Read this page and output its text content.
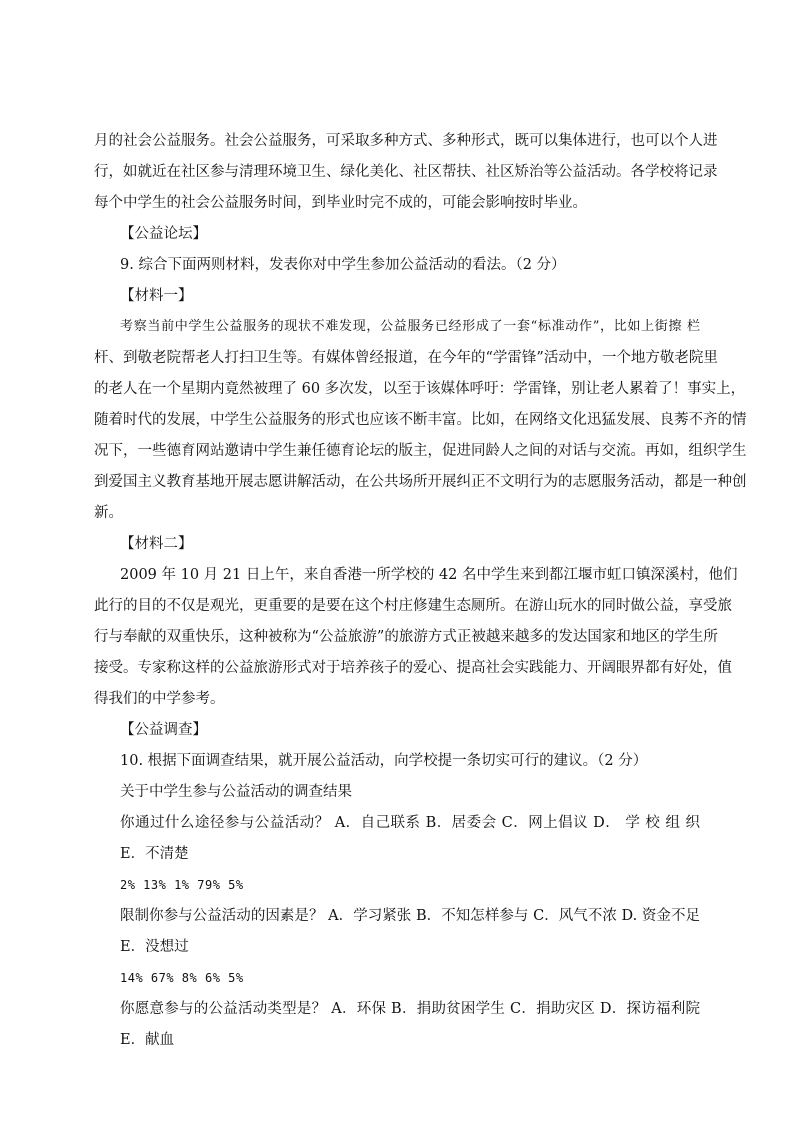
月的社会公益服务。社会公益服务，可采取多种方式、多种形式，既可以集体进行，也可以个人进
行，如就近在社区参与清理环境卫生、绿化美化、社区帮扶、社区矫治等公益活动。各学校将记录
每个中学生的社会公益服务时间，到毕业时完不成的，可能会影响按时毕业。
【公益论坛】
9. 综合下面两则材料，发表你对中学生参加公益活动的看法。（2 分）
【材料一】
考察当前中学生公益服务的现状不难发现，公益服务已经形成了一套“标准动作”，比如上街擦 栏
杆、到敬老院帮老人打扫卫生等。有媒体曾经报道，在今年的“学雷锋”活动中，一个地方敬老院里
的老人在一个星期内竟然被理了 60 多次发，以至于该媒体呼吁：学雷锋，别让老人累着了！事实上，
随着时代的发展，中学生公益服务的形式也应该不断丰富。比如，在网络文化迅猛发展、良莠不齐的情
况下，一些德育网站邀请中学生兼任德育论坛的版主，促进同龄人之间的对话与交流。再如，组织学生
到爱国主义教育基地开展志愿讲解活动，在公共场所开展纠正不文明行为的志愿服务活动，都是一种创
新。
【材料二】
2009 年 10 月 21 日上午，来自香港一所学校的 42 名中学生来到都江堰市虹口镇深溪村，他们
此行的目的不仅是观光，更重要的是要在这个村庄修建生态厕所。在游山玩水的同时做公益，享受旅
行与奉献的双重快乐，这种被称为“公益旅游”的旅游方式正被越来越多的发达国家和地区的学生所
接受。专家称这样的公益旅游形式对于培养孩子的爱心、提高社会实践能力、开阔眼界都有好处，值
得我们的中学参考。
【公益调查】
10. 根据下面调查结果，就开展公益活动，向学校提一条切实可行的建议。（2 分）
关于中学生参与公益活动的调查结果
你通过什么途径参与公益活动？ A．自己联系 B．居委会 C．网上倡议 D． 学 校 组 织
E．不清楚
2% 13% 1% 79% 5%
限制你参与公益活动的因素是？ A．学习紧张 B．不知怎样参与 C．风气不浓 D. 资金不足
E．没想过
14% 67% 8% 6% 5%
你愿意参与的公益活动类型是？ A．环保 B．捐助贫困学生 C．捐助灾区 D．探访福利院
E．献血
